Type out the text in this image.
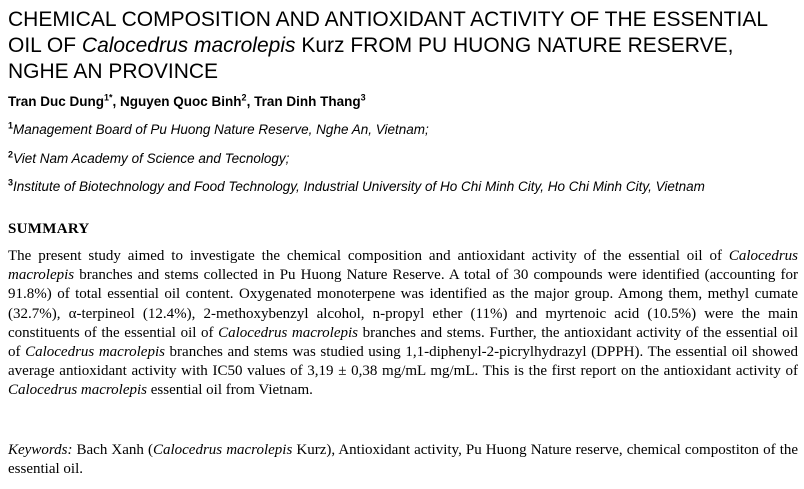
CHEMICAL COMPOSITION AND ANTIOXIDANT ACTIVITY OF THE ESSENTIAL OIL OF Calocedrus macrolepis Kurz FROM PU HUONG NATURE RESERVE, NGHE AN PROVINCE
Tran Duc Dung$^{1*}$, Nguyen Quoc Binh$^2$, Tran Dinh Thang$^3$
$^1$Management Board of Pu Huong Nature Reserve, Nghe An, Vietnam;
$^2$Viet Nam Academy of Science and Tecnology;
$^3$Institute of Biotechnology and Food Technology, Industrial University of Ho Chi Minh City, Ho Chi Minh City, Vietnam
SUMMARY

The present study aimed to investigate the chemical composition and antioxidant activity of the essential oil of Calocedrus macrolepis branches and stems collected in Pu Huong Nature Reserve. A total of 30 compounds were identified (accounting for 91.8%) of total essential oil content. Oxygenated monoterpene was identified as the major group. Among them, methyl cumate (32.7%), α-terpineol (12.4%), 2-methoxybenzyl alcohol, n-propyl ether (11%) and myrtenoic acid (10.5%) were the main constituents of the essential oil of Calocedrus macrolepis branches and stems. Further, the antioxidant activity of the essential oil of Calocedrus macrolepis branches and stems was studied using 1,1-diphenyl-2-picrylhydrazyl (DPPH). The essential oil showed average antioxidant activity with IC50 values of 3,19 ± 0,38 mg/mL mg/mL. This is the first report on the antioxidant activity of Calocedrus macrolepis essential oil from Vietnam.

Keywords: Bach Xanh (Calocedrus macrolepis Kurz), Antioxidant activity, Pu Huong Nature reserve, chemical compostiton of the essential oil.
